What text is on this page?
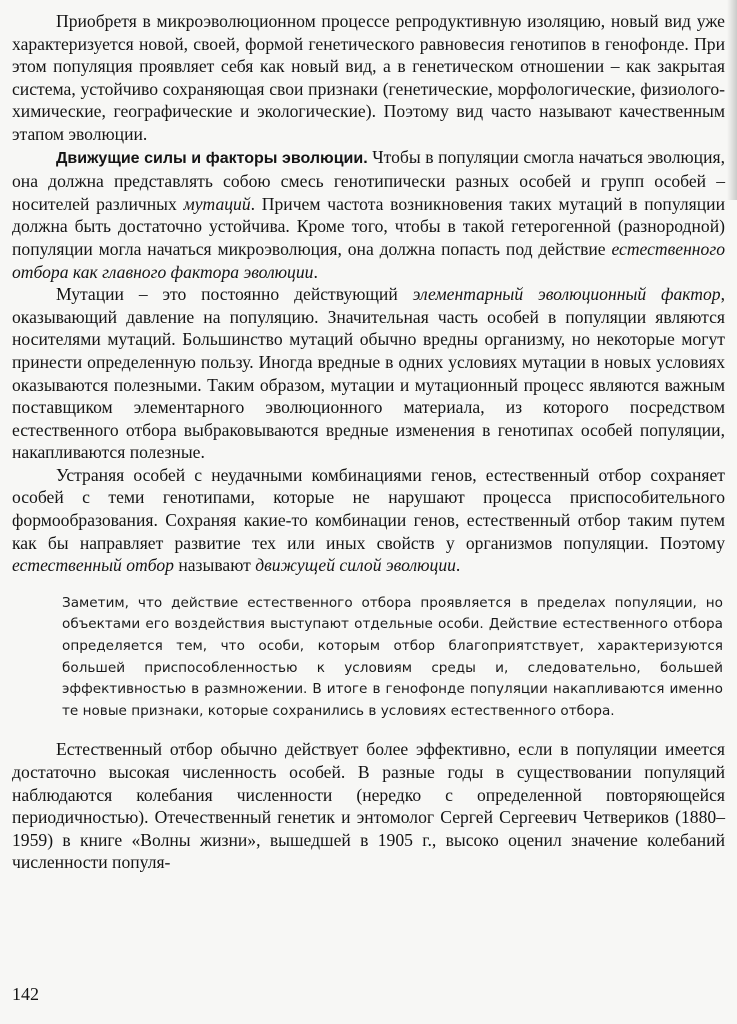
Приобретя в микроэволюционном процессе репродуктивную изоляцию, новый вид уже характеризуется новой, своей, формой генетического равновесия генотипов в генофонде. При этом популяция проявляет себя как новый вид, а в генетическом отношении – как закрытая система, устойчиво сохраняющая свои признаки (генетические, морфологические, физиолого-химические, географические и экологические). Поэтому вид часто называют качественным этапом эволюции.

Движущие силы и факторы эволюции. Чтобы в популяции смогла начаться эволюция, она должна представлять собою смесь генотипически разных особей и групп особей – носителей различных мутаций. Причем частота возникновения таких мутаций в популяции должна быть достаточно устойчива. Кроме того, чтобы в такой гетерогенной (разнородной) популяции могла начаться микроэволюция, она должна попасть под действие естественного отбора как главного фактора эволюции.

Мутации – это постоянно действующий элементарный эволюционный фактор, оказывающий давление на популяцию. Значительная часть особей в популяции являются носителями мутаций. Большинство мутаций обычно вредны организму, но некоторые могут принести определенную пользу. Иногда вредные в одних условиях мутации в новых условиях оказываются полезными. Таким образом, мутации и мутационный процесс являются важным поставщиком элементарного эволюционного материала, из которого посредством естественного отбора выбраковываются вредные изменения в генотипах особей популяции, накапливаются полезные.

Устраняя особей с неудачными комбинациями генов, естественный отбор сохраняет особей с теми генотипами, которые не нарушают процесса приспособительного формообразования. Сохраняя какие-то комбинации генов, естественный отбор таким путем как бы направляет развитие тех или иных свойств у организмов популяции. Поэтому естественный отбор называют движущей силой эволюции.

Заметим, что действие естественного отбора проявляется в пределах популяции, но объектами его воздействия выступают отдельные особи. Действие естественного отбора определяется тем, что особи, которым отбор благоприятствует, характеризуются большей приспособленностью к условиям среды и, следовательно, большей эффективностью в размножении. В итоге в генофонде популяции накапливаются именно те новые признаки, которые сохранились в условиях естественного отбора.

Естественный отбор обычно действует более эффективно, если в популяции имеется достаточно высокая численность особей. В разные годы в существовании популяций наблюдаются колебания численности (нередко с определенной повторяющейся периодичностью). Отечественный генетик и энтомолог Сергей Сергеевич Четвериков (1880–1959) в книге «Волны жизни», вышедшей в 1905 г., высоко оценил значение колебаний численности популя-

142
